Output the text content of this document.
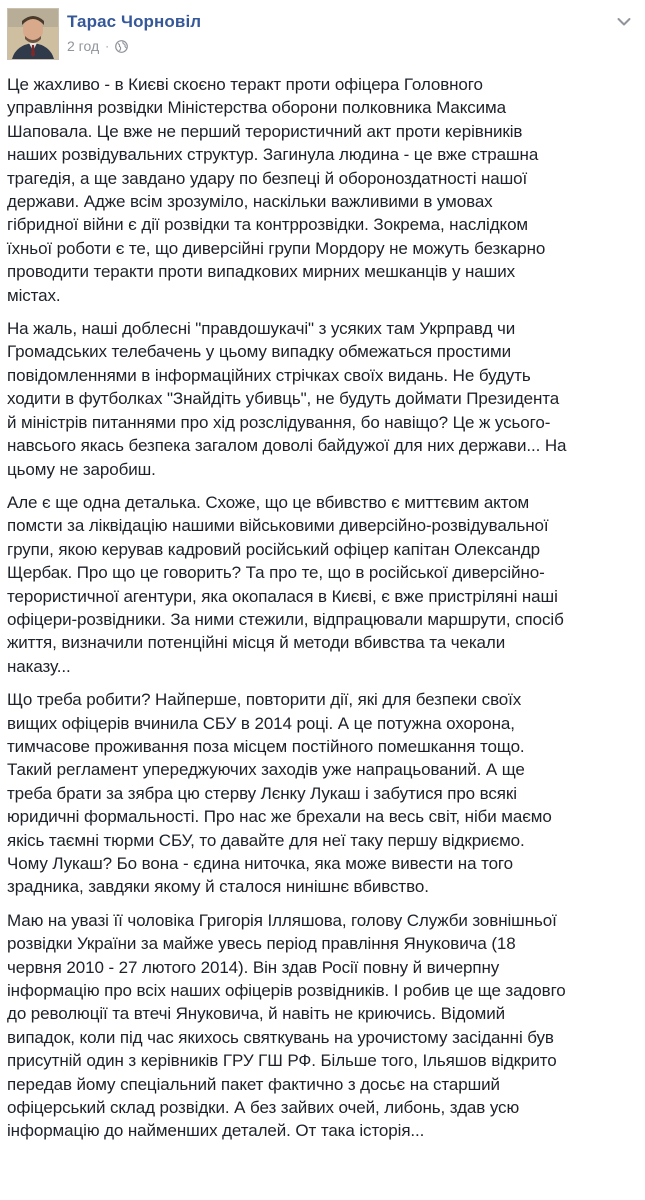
Тарас Чорновіл
2 год ·

Це жахливо - в Києві скоєно теракт проти офіцера Головного
управління розвідки Міністерства оборони полковника Максима
Шаповала. Це вже не перший терористичний акт проти керівників
наших розвідувальних структур. Загинула людина - це вже страшна
трагедія, а ще завдано удару по безпеці й обороноздатності нашої
держави. Адже всім зрозуміло, наскільки важливими в умовах
гібридної війни є дії розвідки та контррозвідки. Зокрема, наслідком
їхньої роботи є те, що диверсійні групи Мордору не можуть безкарно
проводити теракти проти випадкових мирних мешканців у наших
містах.

На жаль, наші доблесні "правдошукачі" з усяких там Укрправд чи
Громадських телебачень у цьому випадку обмежаться простими
повідомленнями в інформаційних стрічках своїх видань. Не будуть
ходити в футболках "Знайдіть убивць", не будуть доймати Президента
й міністрів питаннями про хід розслідування, бо навіщо? Це ж усього-
навсього якась безпека загалом доволі байдужої для них держави... На
цьому не заробиш.

Але є ще одна деталька. Схоже, що це вбивство є миттєвим актом
помсти за ліквідацію нашими військовими диверсійно-розвідувальної
групи, якою керував кадровий російський офіцер капітан Олександр
Щербак. Про що це говорить? Та про те, що в російської диверсійно-
терористичної агентури, яка окопалася в Києві, є вже пристріляні наші
офіцери-розвідники. За ними стежили, відпрацювали маршрути, спосіб
життя, визначили потенційні місця й методи вбивства та чекали
наказу...

Що треба робити? Найперше, повторити дії, які для безпеки своїх
вищих офіцерів вчинила СБУ в 2014 році. А це потужна охорона,
тимчасове проживання поза місцем постійного помешкання тощо.
Такий регламент упереджуючих заходів уже напрацьований. А ще
треба брати за зябра цю стерву Лєнку Лукаш і забутися про всякі
юридичні формальності. Про нас же брехали на весь світ, ніби маємо
якісь таємні тюрми СБУ, то давайте для неї таку першу відкриємо.
Чому Лукаш? Бо вона - єдина ниточка, яка може вивести на того
зрадника, завдяки якому й сталося нинішнє вбивство.

Маю на увазі її чоловіка Григорія Ілляшова, голову Служби зовнішньої
розвідки України за майже увесь період правління Януковича (18
червня 2010 - 27 лютого 2014). Він здав Росії повну й вичерпну
інформацію про всіх наших офіцерів розвідників. І робив це ще задовго
до революції та втечі Януковича, й навіть не криючись. Відомий
випадок, коли під час якихось святкувань на урочистому засіданні був
присутній один з керівників ГРУ ГШ РФ. Більше того, Ільяшов відкрито
передав йому спеціальний пакет фактично з досьє на старший
офіцерський склад розвідки. А без зайвих очей, либонь, здав усю
інформацію до найменших деталей. От така історія...
